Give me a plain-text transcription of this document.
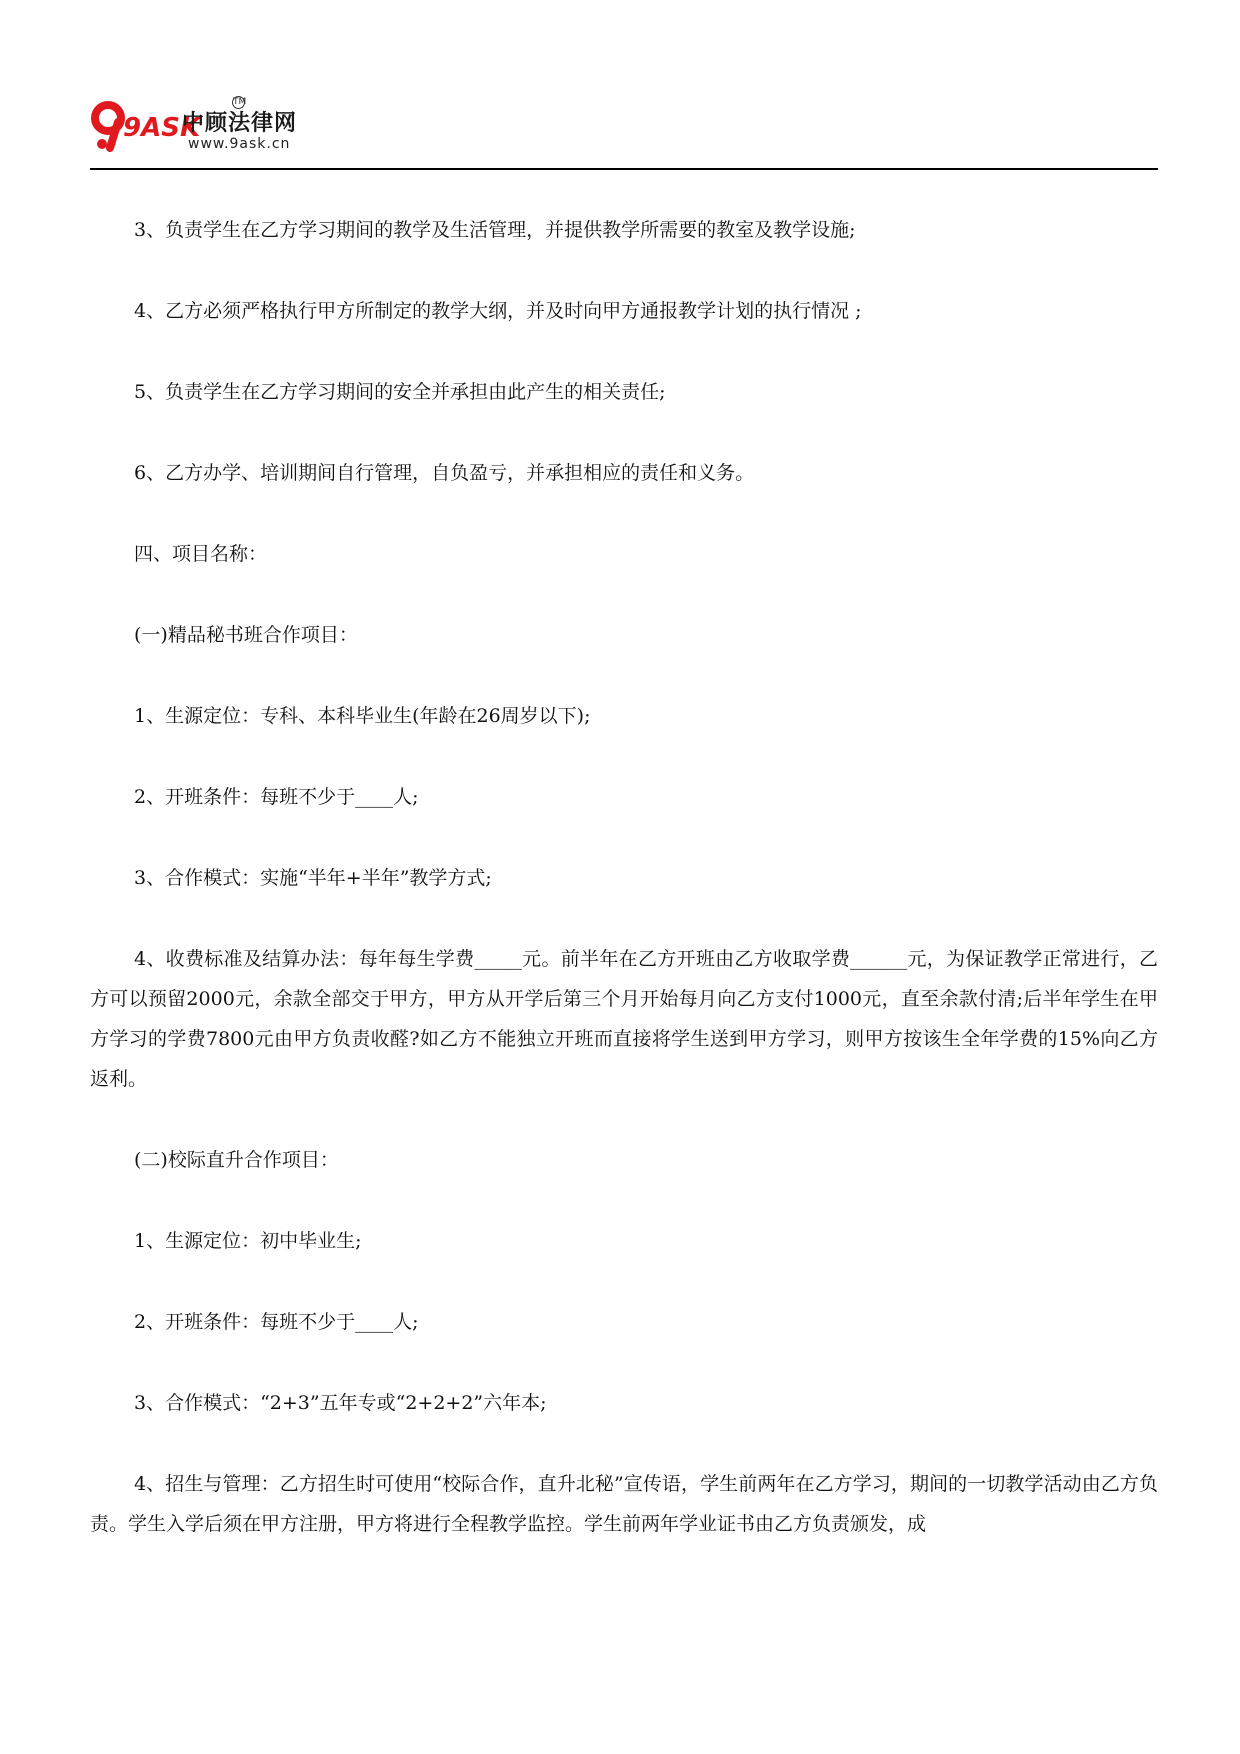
9ASK
中顾法律网
TM
www.9ask.cn

3、负责学生在乙方学习期间的教学及生活管理，并提供教学所需要的教室及教学设施;

4、乙方必须严格执行甲方所制定的教学大纲，并及时向甲方通报教学计划的执行情况 ;

5、负责学生在乙方学习期间的安全并承担由此产生的相关责任;

6、乙方办学、培训期间自行管理，自负盈亏，并承担相应的责任和义务。

四、项目名称：

(一)精品秘书班合作项目：

1、生源定位：专科、本科毕业生(年龄在26周岁以下);

2、开班条件：每班不少于____人;

3、合作模式：实施“半年+半年”教学方式;

4、收费标准及结算办法：每年每生学费_____元。前半年在乙方开班由乙方收取学费______元，为保证教学正常进行，乙方可以预留2000元，余款全部交于甲方，甲方从开学后第三个月开始每月向乙方支付1000元，直至余款付清;后半年学生在甲方学习的学费7800元由甲方负责收醛?如乙方不能独立开班而直接将学生送到甲方学习，则甲方按该生全年学费的15%向乙方返利。

(二)校际直升合作项目：

1、生源定位：初中毕业生;

2、开班条件：每班不少于____人;

3、合作模式：“2+3”五年专或“2+2+2”六年本;

4、招生与管理：乙方招生时可使用“校际合作，直升北秘”宣传语，学生前两年在乙方学习，期间的一切教学活动由乙方负责。学生入学后须在甲方注册，甲方将进行全程教学监控。学生前两年学业证书由乙方负责颁发，成
